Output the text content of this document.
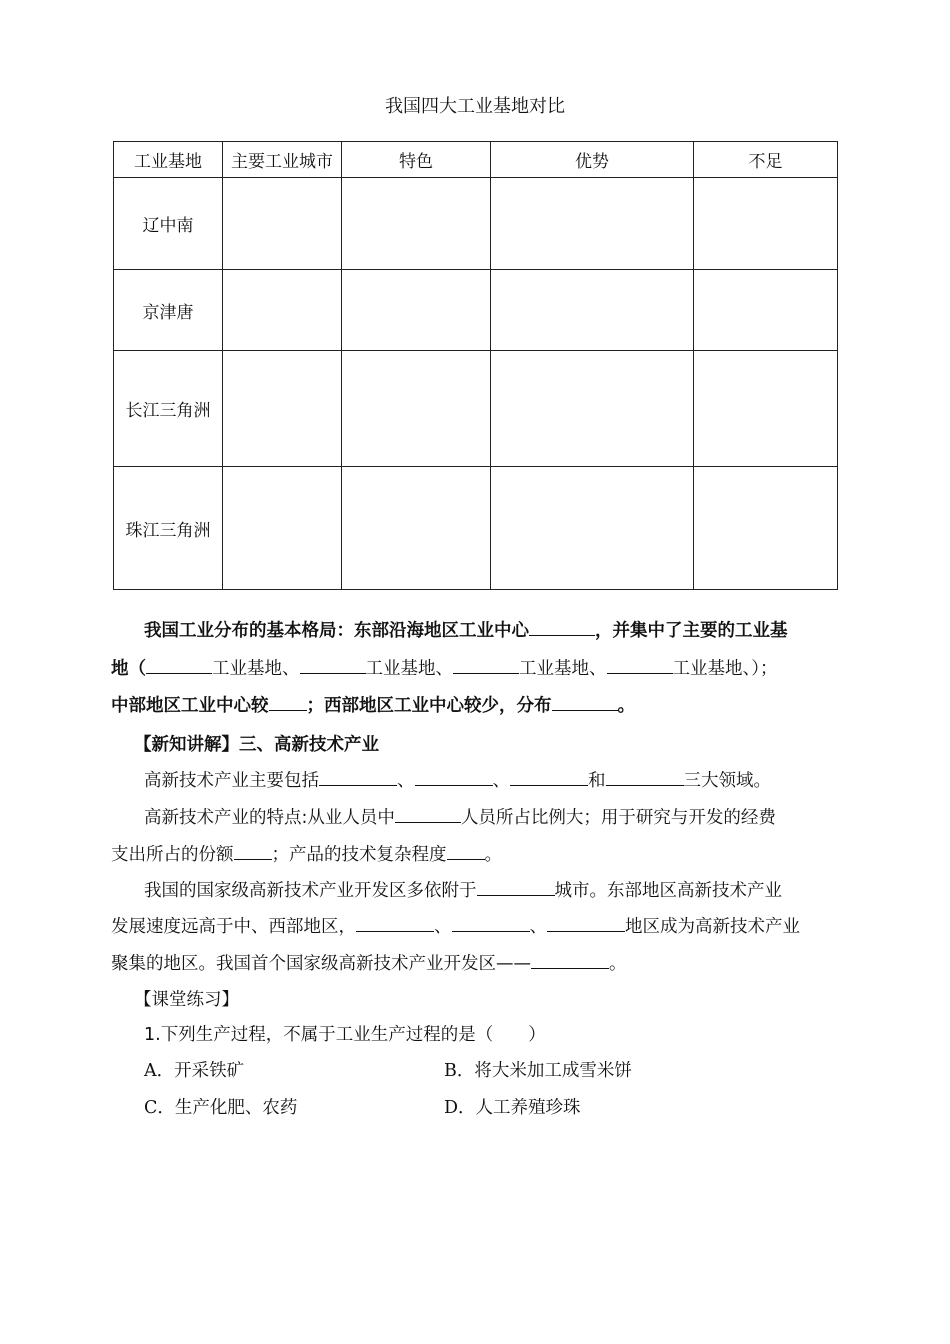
我国四大工业基地对比
工业基地	主要工业城市	特色	优势	不足
辽中南				
京津唐				
长江三角洲				
珠江三角洲				
我国工业分布的基本格局：东部沿海地区工业中心	，并集中了主要的工业基
地（	工业基地、	工业基地、	工业基地、	工业基地、）；
中部地区工业中心较 ；西部地区工业中心较少，分布	。
【新知讲解】三、高新技术产业
高新技术产业主要包括	、	、	和	三大领域。
高新技术产业的特点:从业人员中	人员所占比例大；用于研究与开发的经费
支出所占的份额 ；产品的技术复杂程度 。
我国的国家级高新技术产业开发区多依附于	城市。东部地区高新技术产业
发展速度远高于中、西部地区，	、	、	地区成为高新技术产业
聚集的地区。我国首个国家级高新技术产业开发区——	。
【课堂练习】
1.下列生产过程，不属于工业生产过程的是（　　）
A．开采铁矿	B．将大米加工成雪米饼
C．生产化肥、农药	D．人工养殖珍珠
